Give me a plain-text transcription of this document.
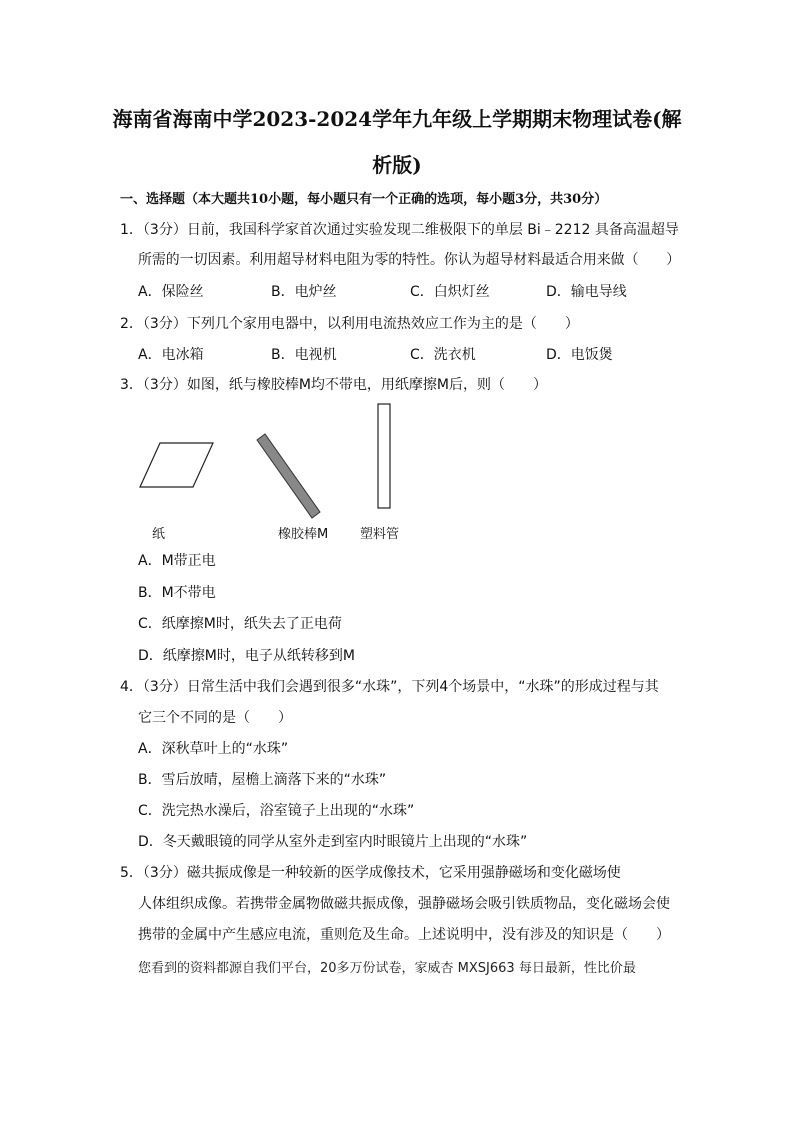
海南省海南中学2023-2024学年九年级上学期期末物理试卷(解
析版)
一、选择题（本大题共10小题，每小题只有一个正确的选项，每小题3分，共30分）
1．（3分）日前，我国科学家首次通过实验发现二维极限下的单层 Bi﹣2212 具备高温超导
所需的一切因素。利用超导材料电阻为零的特性。你认为超导材料最适合用来做（　　）
A．保险丝	B．电炉丝	C．白炽灯丝	D．输电导线
2．（3分）下列几个家用电器中，以利用电流热效应工作为主的是（　　）
A．电冰箱	B．电视机	C．洗衣机	D．电饭煲
3．（3分）如图，纸与橡胶棒M均不带电，用纸摩擦M后，则（　　）
纸	橡胶棒M 塑料管
A．M带正电
B．M不带电
C．纸摩擦M时，纸失去了正电荷
D．纸摩擦M时，电子从纸转移到M
4．（3分）日常生活中我们会遇到很多“水珠”，下列4个场景中，“水珠”的形成过程与其
它三个不同的是（　　）
A．深秋草叶上的“水珠”
B．雪后放晴，屋檐上滴落下来的“水珠”
C．洗完热水澡后，浴室镜子上出现的“水珠”
D．冬天戴眼镜的同学从室外走到室内时眼镜片上出现的“水珠”
5．（3分）磁共振成像是一种较新的医学成像技术，它采用强静磁场和变化磁场使
人体组织成像。若携带金属物做磁共振成像，强静磁场会吸引铁质物品，变化磁场会使
携带的金属中产生感应电流，重则危及生命。上述说明中，没有涉及的知识是（　　）
您看到的资料都源自我们平台，20多万份试卷，家威杏 MXSJ663 每日最新，性比价最
